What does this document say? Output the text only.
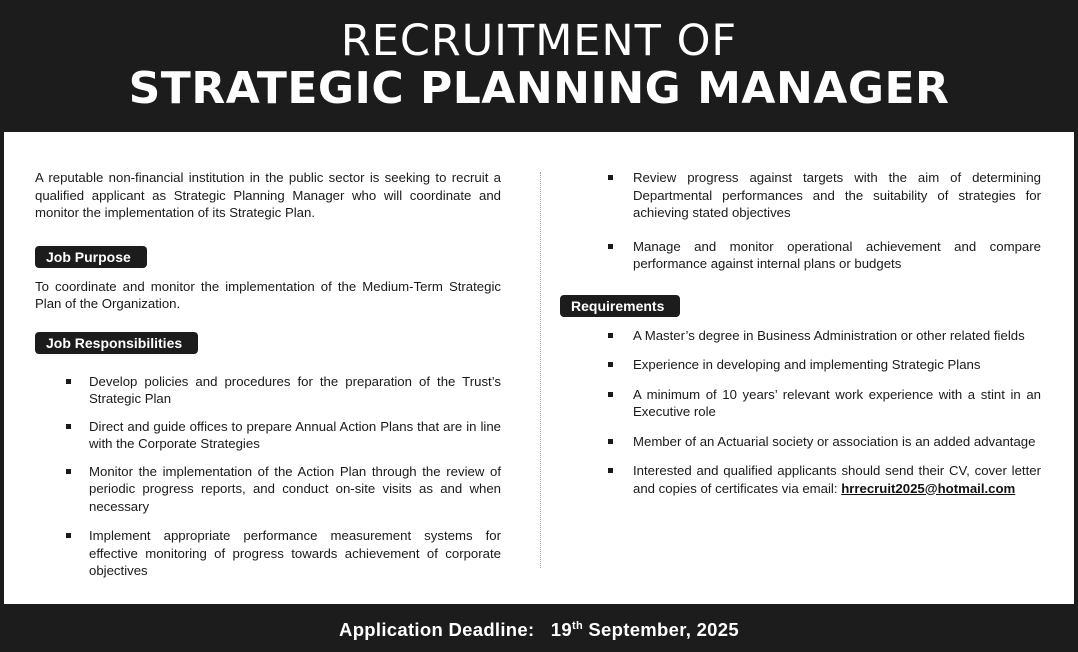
RECRUITMENT OF
STRATEGIC PLANNING MANAGER

A reputable non-financial institution in the public sector is seeking to recruit a qualified applicant as Strategic Planning Manager who will coordinate and monitor the implementation of its Strategic Plan.

Job Purpose

To coordinate and monitor the implementation of the Medium-Term Strategic Plan of the Organization.

Job Responsibilities
Develop policies and procedures for the preparation of the Trust’s Strategic Plan
Direct and guide offices to prepare Annual Action Plans that are in line with the Corporate Strategies
Monitor the implementation of the Action Plan through the review of periodic progress reports, and conduct on-site visits as and when necessary
Implement appropriate performance measurement systems for effective monitoring of progress towards achievement of corporate objectives
Review progress against targets with the aim of determining Departmental performances and the suitability of strategies for achieving stated objectives
Manage and monitor operational achievement and compare performance against internal plans or budgets
Requirements
A Master’s degree in Business Administration or other related fields
Experience in developing and implementing Strategic Plans
A minimum of 10 years’ relevant work experience with a stint in an Executive role
Member of an Actuarial society or association is an added advantage
Interested and qualified applicants should send their CV, cover letter and copies of certificates via email: hrrecruit2025@hotmail.com
Application Deadline: 19th September, 2025
